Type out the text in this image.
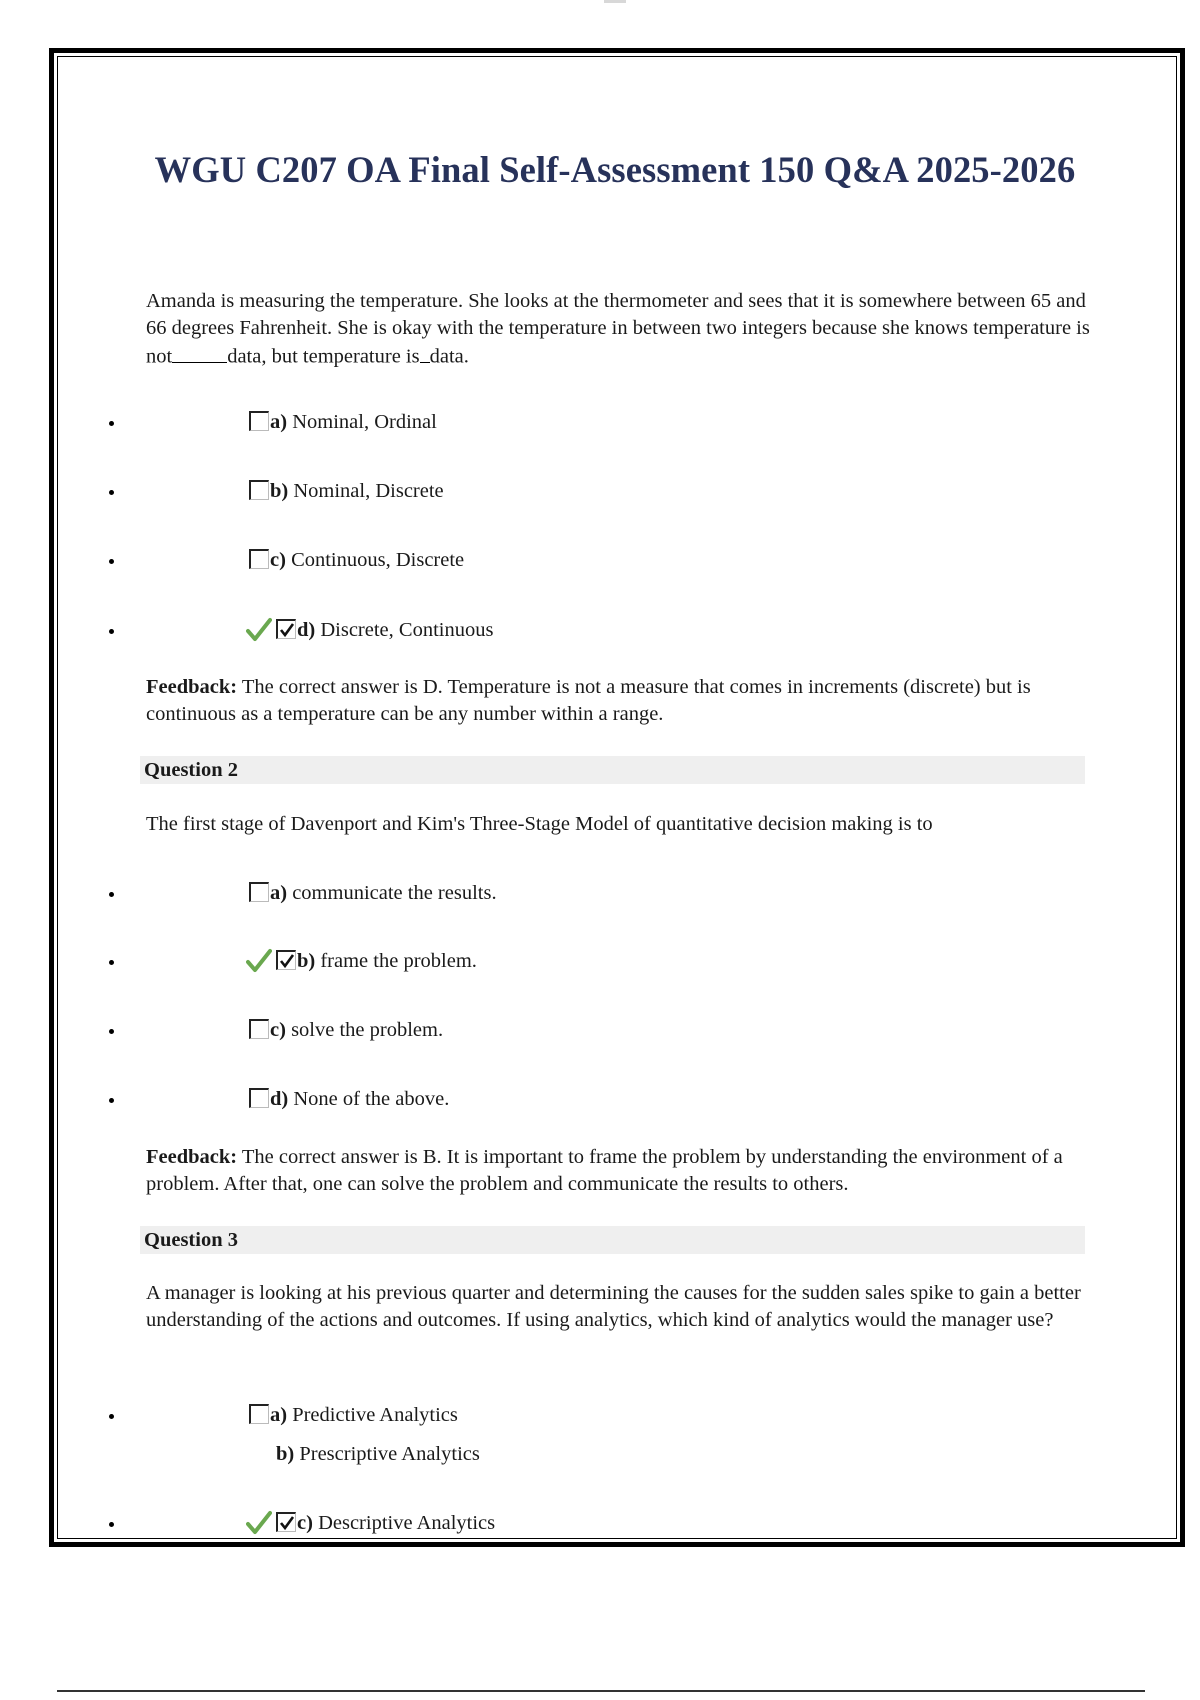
WGU C207 OA Final Self-Assessment 150 Q&A 2025-2026
Amanda is measuring the temperature. She looks at the thermometer and sees that it is somewhere between 65 and 66 degrees Fahrenheit. She is okay with the temperature in between two integers because she knows temperature is not	data, but temperature is data.
a) Nominal, Ordinal
b) Nominal, Discrete
c) Continuous, Discrete
d) Discrete, Continuous
Feedback: The correct answer is D. Temperature is not a measure that comes in increments (discrete) but is continuous as a temperature can be any number within a range.
Question 2
The first stage of Davenport and Kim's Three-Stage Model of quantitative decision making is to
a) communicate the results.
b) frame the problem.
c) solve the problem.
d) None of the above.
Feedback: The correct answer is B. It is important to frame the problem by understanding the environment of a problem. After that, one can solve the problem and communicate the results to others.
Question 3
A manager is looking at his previous quarter and determining the causes for the sudden sales spike to gain a better understanding of the actions and outcomes. If using analytics, which kind of analytics would the manager use?
a) Predictive Analytics
b) Prescriptive Analytics
c) Descriptive Analytics
